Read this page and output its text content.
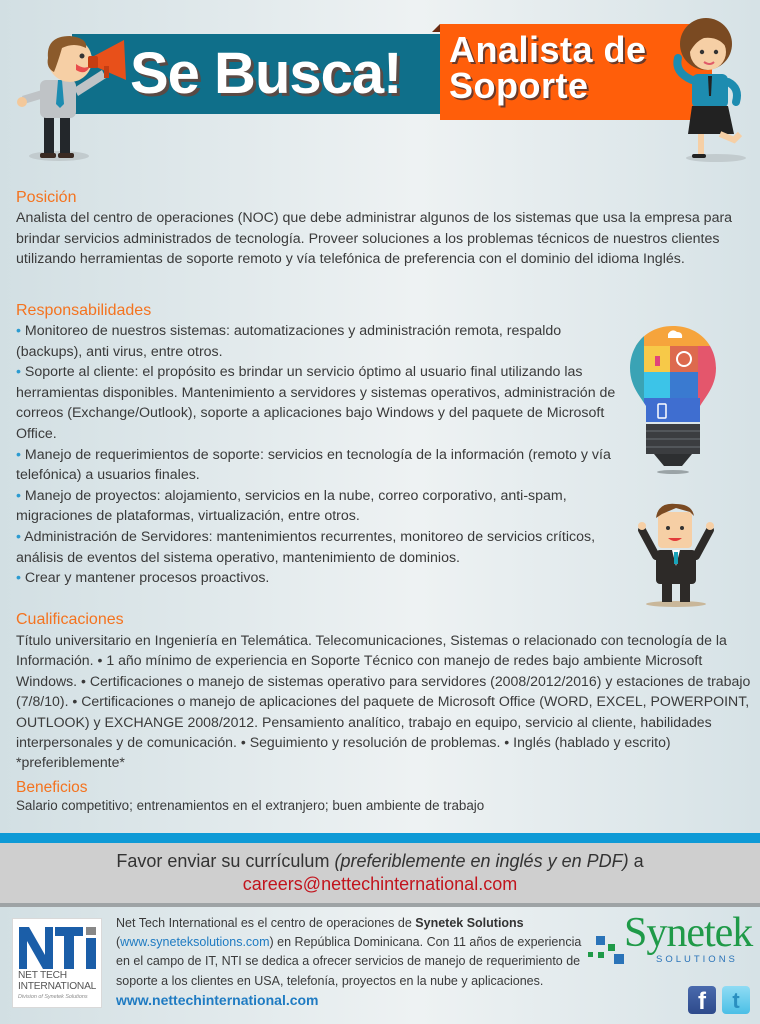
Se Busca! Analista de
Soporte
Posición
Analista del centro de operaciones (NOC) que debe administrar algunos de los sistemas que usa la empresa para brindar servicios administrados de tecnología. Proveer soluciones a los problemas técnicos de nuestros clientes utilizando herramientas de soporte remoto y vía telefónica de preferencia con el dominio del idioma Inglés.
Responsabilidades
• Monitoreo de nuestros sistemas: automatizaciones y administración remota, respaldo (backups), anti virus, entre otros.
• Soporte al cliente: el propósito es brindar un servicio óptimo al usuario final utilizando las herramientas disponibles. Mantenimiento a servidores y sistemas operativos, administración de correos (Exchange/Outlook), soporte a aplicaciones bajo Windows y del paquete de Microsoft Office.
• Manejo de requerimientos de soporte: servicios en tecnología de la información (remoto y vía telefónica) a usuarios finales.
• Manejo de proyectos: alojamiento, servicios en la nube, correo corporativo, anti-spam, migraciones de plataformas, virtualización, entre otros.
• Administración de Servidores: mantenimientos recurrentes, monitoreo de servicios críticos, análisis de eventos del sistema operativo, mantenimiento de dominios.
• Crear y mantener procesos proactivos.
Cualificaciones
Título universitario en Ingeniería en Telemática. Telecomunicaciones, Sistemas o relacionado con tecnología de la Información. • 1 año mínimo de experiencia en Soporte Técnico con manejo de redes bajo ambiente Microsoft Windows. • Certificaciones o manejo de sistemas operativo para servidores (2008/2012/2016) y estaciones de trabajo (7/8/10). • Certificaciones o manejo de aplicaciones del paquete de Microsoft Office (WORD, EXCEL, POWERPOINT, OUTLOOK) y EXCHANGE 2008/2012. Pensamiento analítico, trabajo en equipo, servicio al cliente, habilidades interpersonales y de comunicación. • Seguimiento y resolución de problemas. • Inglés (hablado y escrito) *preferiblemente*
Beneficios
Salario competitivo; entrenamientos en el extranjero; buen ambiente de trabajo
Favor enviar su currículum (preferiblemente en inglés y en PDF) a
careers@nettechinternational.com
NET TECH
INTERNATIONAL
Division of Synetek Solutions
Net Tech International es el centro de operaciones de Synetek Solutions
(www.syneteksolutions.com) en República Dominicana. Con 11 años de experiencia en el campo de IT, NTI se dedica a ofrecer servicios de manejo de requerimiento de soporte a los clientes en USA, telefonía, proyectos en la nube y aplicaciones. www.nettechinternational.com
Synetek
SOLUTIONS
f	t
